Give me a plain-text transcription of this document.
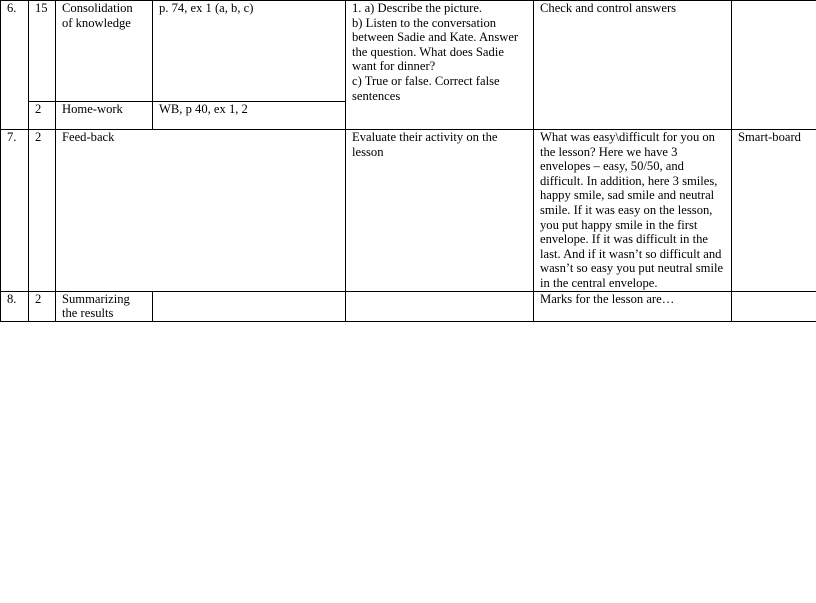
6.	15	Consolidation of knowledge	p. 74, ex 1 (a, b, c)	1. a) Describe the picture.
b) Listen to the conversation between Sadie and Kate. Answer the question. What does Sadie want for dinner?
c) True or false. Correct false sentences	Check and control answers	
	2	Home-work	WB, p 40, ex 1, 2			
7.	2	Feed-back		Evaluate their activity on the lesson	What was easy\difficult for you on the lesson? Here we have 3 envelopes – easy, 50/50, and difficult. In addition, here 3 smiles, happy smile, sad smile and neutral smile. If it was easy on the lesson, you put happy smile in the first envelope. If it was difficult in the last. And if it wasn’t so difficult and wasn’t so easy you put neutral smile in the central envelope.	Smart-board
8.	2	Summarizing the results			Marks for the lesson are…	
